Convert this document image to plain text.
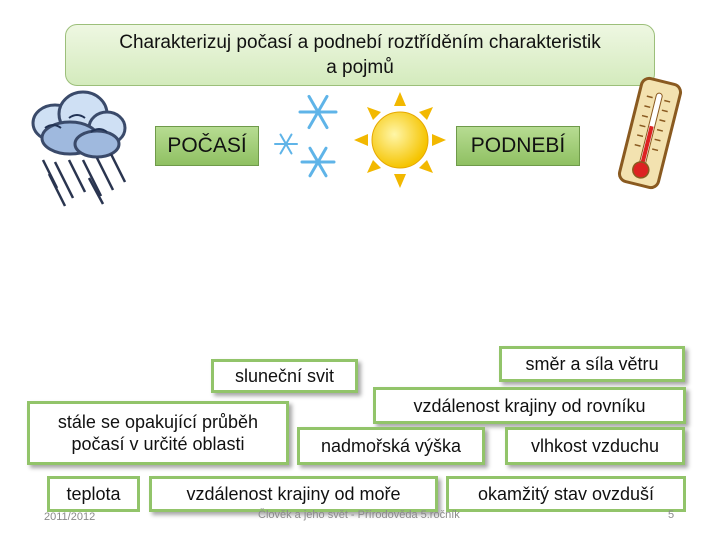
Charakterizuj počasí a podnebí roztříděním charakteristik
a pojmů
POČASÍ	PODNEBÍ
sluneční svit
směr a síla větru
stále se opakující průběh
počasí v určité oblasti
vzdálenost krajiny od rovníku
nadmořská výška	vlhkost vzduchu
teplota	vzdálenost krajiny od moře	okamžitý stav ovzduší
2011/2012	Člověk a jeho svět - Přírodověda 5.ročník	5
